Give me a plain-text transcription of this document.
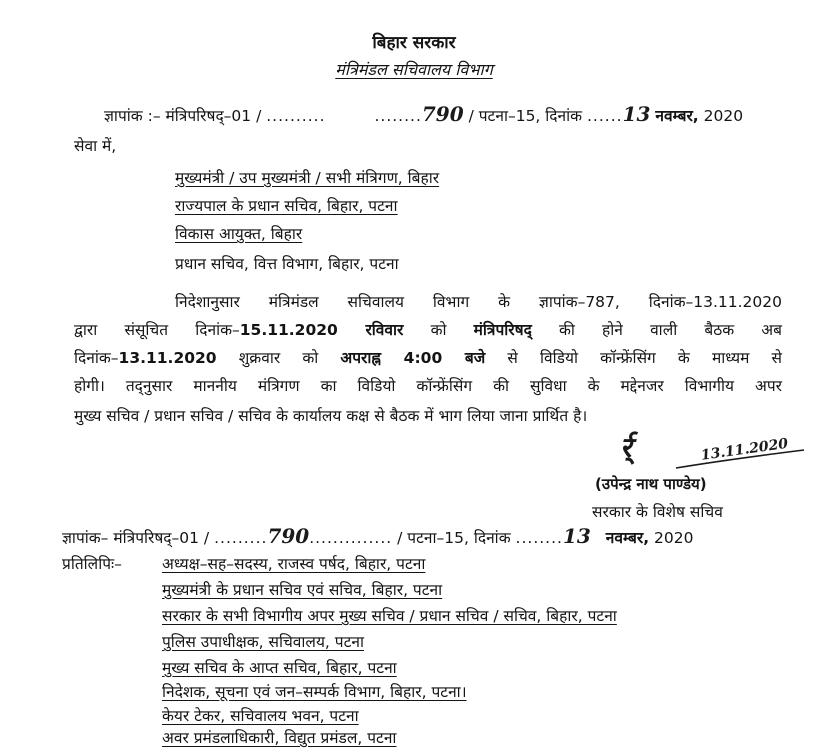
बिहार सरकार
मंत्रिमंडल सचिवालय विभाग
ज्ञापांक :– मंत्रिपरिषद्–01 / ..........	........790 / पटना–15, दिनांक ......13 नवम्बर, 2020
सेवा में,
मुख्यमंत्री / उप मुख्यमंत्री / सभी मंत्रिगण, बिहार
राज्यपाल के प्रधान सचिव, बिहार, पटना
विकास आयुक्त, बिहार
प्रधान सचिव, वित्त विभाग, बिहार, पटना
निदेशानुसार मंत्रिमंडल सचिवालय विभाग के ज्ञापांक–787, दिनांक–13.11.2020
द्वारा संसूचित दिनांक–15.11.2020 रविवार को मंत्रिपरिषद् की होने वाली बैठक अब
दिनांक–13.11.2020 शुक्रवार को अपराह्न 4:00 बजे से विडियो कॉन्फ्रेंसिंग के माध्यम से
होगी। तद्नुसार माननीय मंत्रिगण का विडियो कॉन्फ्रेंसिंग की सुविधा के मद्देनजर विभागीय अपर
मुख्य सचिव / प्रधान सचिव / सचिव के कार्यालय कक्ष से बैठक में भाग लिया जाना प्रार्थित है।
र्र्	13.11.2020
(उपेन्द्र नाथ पाण्डेय)
सरकार के विशेष सचिव
ज्ञापांक– मंत्रिपरिषद्–01 / .........790.............. / पटना–15, दिनांक ........13 नवम्बर, 2020
प्रतिलिपिः–	अध्यक्ष–सह–सदस्य, राजस्व पर्षद, बिहार, पटना
मुख्यमंत्री के प्रधान सचिव एवं सचिव, बिहार, पटना
सरकार के सभी विभागीय अपर मुख्य सचिव / प्रधान सचिव / सचिव, बिहार, पटना
पुलिस उपाधीक्षक, सचिवालय, पटना
मुख्य सचिव के आप्त सचिव, बिहार, पटना
निदेशक, सूचना एवं जन–सम्पर्क विभाग, बिहार, पटना।
केयर टेकर, सचिवालय भवन, पटना
अवर प्रमंडलाधिकारी, विद्युत प्रमंडल, पटना
